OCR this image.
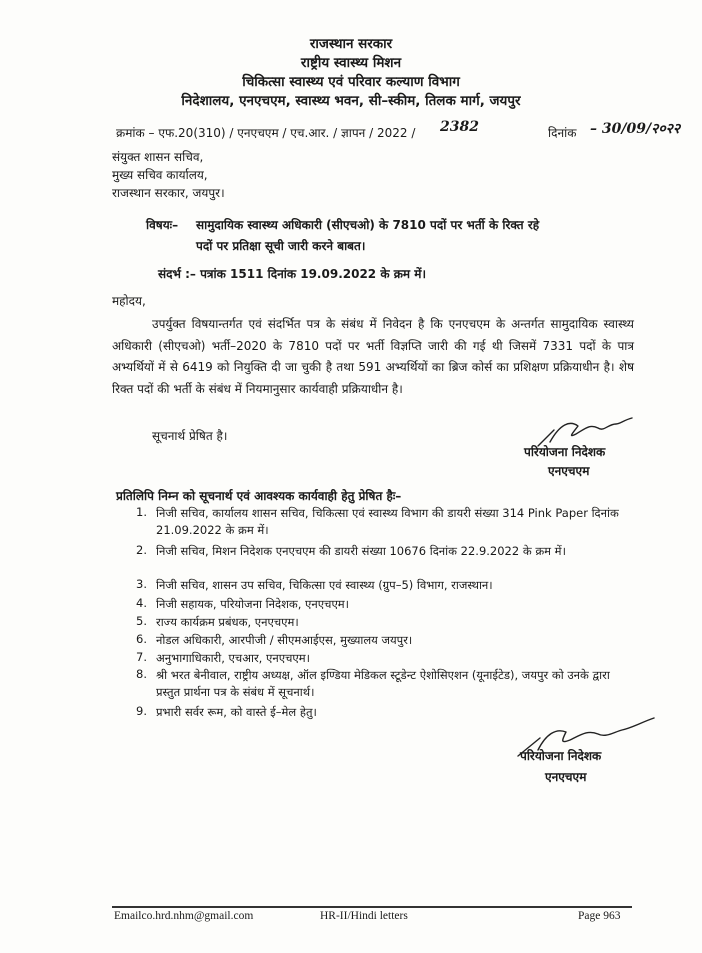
राजस्थान सरकार
राष्ट्रीय स्वास्थ्य मिशन
चिकित्सा स्वास्थ्य एवं परिवार कल्याण विभाग
निदेशालय, एनएचएम, स्वास्थ्य भवन, सी–स्कीम, तिलक मार्ग, जयपुर
क्रमांक – एफ.20(310) / एनएचएम / एच.आर. / ज्ञापन / 2022 / 2382	दिनांक – 30/09/२०२२
संयुक्त शासन सचिव,
मुख्य सचिव कार्यालय,
राजस्थान सरकार, जयपुर।
विषयः– सामुदायिक स्वास्थ्य अधिकारी (सीएचओ) के 7810 पदों पर भर्ती के रिक्त रहे
पदों पर प्रतिक्षा सूची जारी करने बाबत।
संदर्भ :– पत्रांक 1511 दिनांक 19.09.2022 के क्रम में।
महोदय,
उपर्युक्त विषयान्तर्गत एवं संदर्भित पत्र के संबंध में निवेदन है कि एनएचएम के अन्तर्गत सामुदायिक स्वास्थ्य अधिकारी (सीएचओ) भर्ती–2020 के 7810 पदों पर भर्ती विज्ञप्ति जारी की गई थी जिसमें 7331 पदों के पात्र अभ्यर्थियों में से 6419 को नियुक्ति दी जा चुकी है तथा 591 अभ्यर्थियों का ब्रिज कोर्स का प्रशिक्षण प्रक्रियाधीन है। शेष रिक्त पदों की भर्ती के संबंध में नियमानुसार कार्यवाही प्रक्रियाधीन है।
सूचनार्थ प्रेषित है।
परियोजना निदेशक
एनएचएम
प्रतिलिपि निम्न को सूचनार्थ एवं आवश्यक कार्यवाही हेतु प्रेषित हैः–
1. निजी सचिव, कार्यालय शासन सचिव, चिकित्सा एवं स्वास्थ्य विभाग की डायरी संख्या 314 Pink Paper दिनांक 21.09.2022 के क्रम में।
2. निजी सचिव, मिशन निदेशक एनएचएम की डायरी संख्या 10676 दिनांक 22.9.2022 के क्रम में।
3. निजी सचिव, शासन उप सचिव, चिकित्सा एवं स्वास्थ्य (ग्रुप–5) विभाग, राजस्थान।
4. निजी सहायक, परियोजना निदेशक, एनएचएम।
5. राज्य कार्यक्रम प्रबंधक, एनएचएम।
6. नोडल अधिकारी, आरपीजी / सीएमआईएस, मुख्यालय जयपुर।
7. अनुभागाधिकारी, एचआर, एनएचएम।
8. श्री भरत बेनीवाल, राष्ट्रीय अध्यक्ष, ऑल इण्डिया मेडिकल स्टूडेन्ट ऐशोसिएशन (यूनाईटेड), जयपुर को उनके द्वारा प्रस्तुत प्रार्थना पत्र के संबंध में सूचनार्थ।
9. प्रभारी सर्वर रूम, को वास्ते ई–मेल हेतु।
परियोजना निदेशक
एनएचएम
Emailco.hrd.nhm@gmail.com	HR-II/Hindi letters	Page 963
